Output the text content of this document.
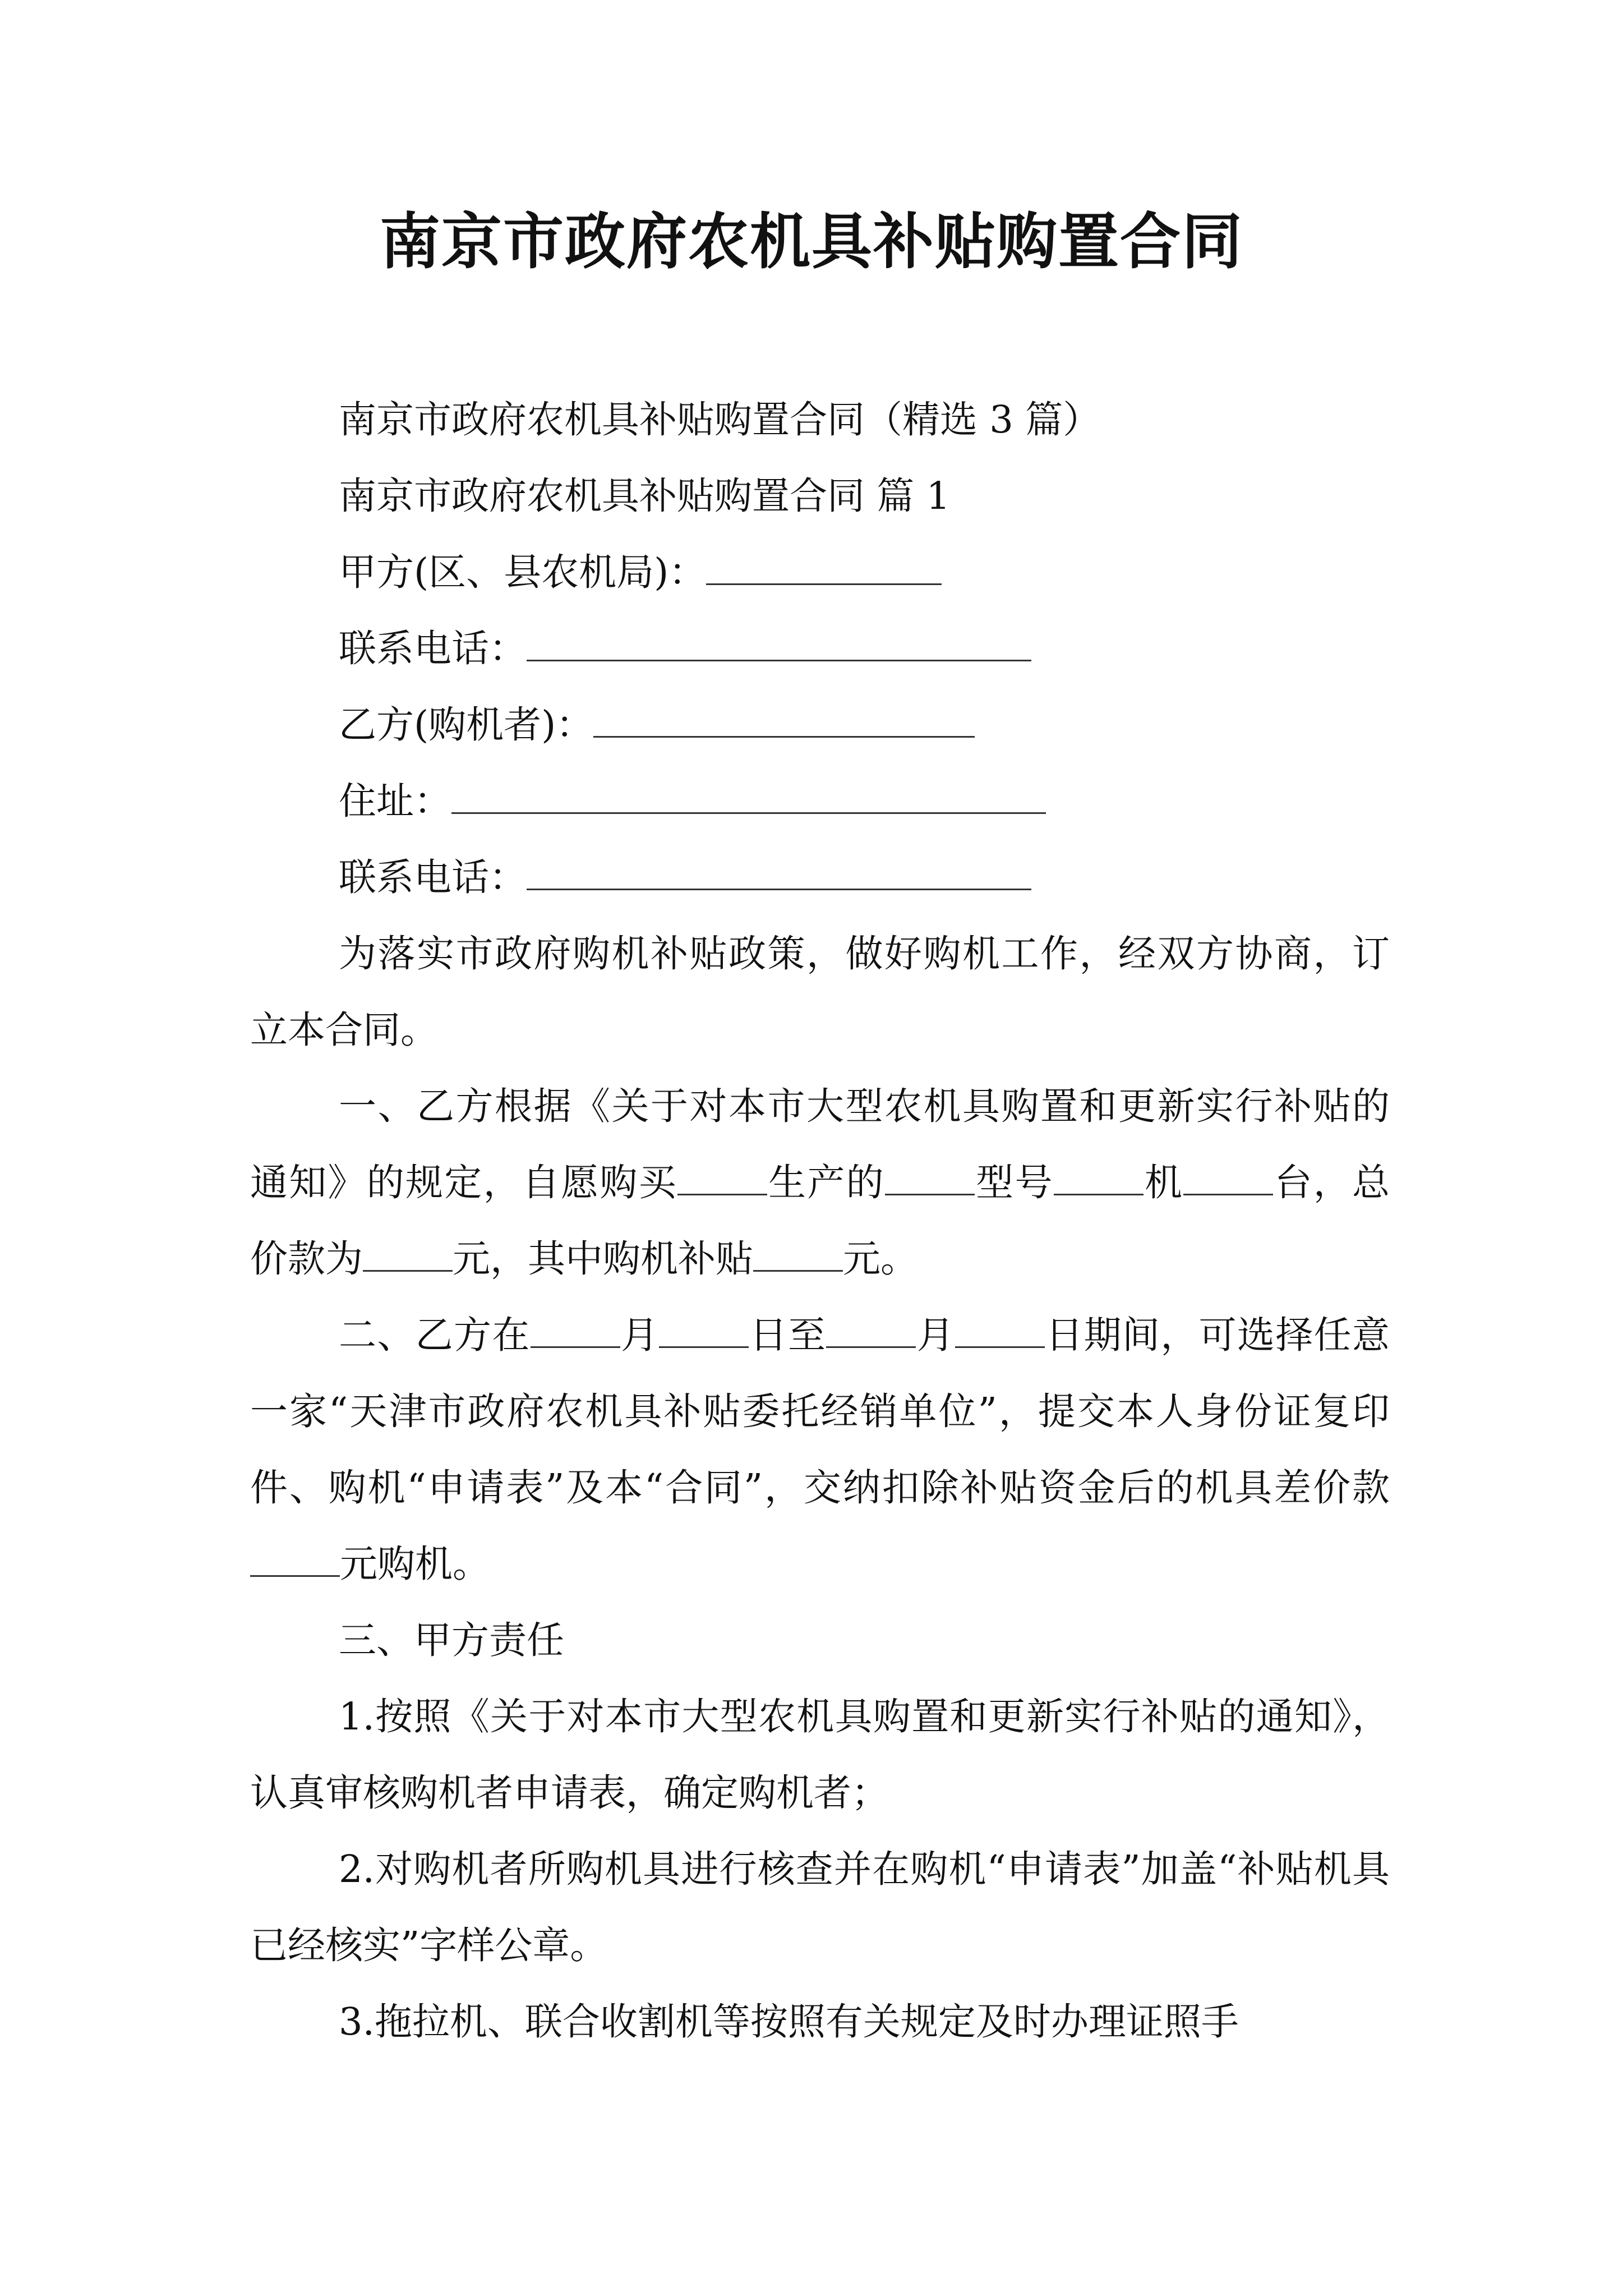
南京市政府农机具补贴购置合同

南京市政府农机具补贴购置合同（精选 3 篇）

南京市政府农机具补贴购置合同 篇 1

甲方(区、县农机局)：

联系电话：

乙方(购机者)：

住址：

联系电话：

为落实市政府购机补贴政策，做好购机工作，经双方协商，订立本合同。

一、乙方根据《关于对本市大型农机具购置和更新实行补贴的通知》的规定，自愿购买 生产的 型号 机 台，总价款为 元，其中购机补贴 元。

二、乙方在 月 日至 月 日期间，可选择任意一家“天津市政府农机具补贴委托经销单位”，提交本人身份证复印件、购机“申请表”及本“合同”，交纳扣除补贴资金后的机具差价款元购机。

三、甲方责任

1.按照《关于对本市大型农机具购置和更新实行补贴的通知》，认真审核购机者申请表，确定购机者；

2.对购机者所购机具进行核查并在购机“申请表”加盖“补贴机具已经核实”字样公章。

3.拖拉机、联合收割机等按照有关规定及时办理证照手
